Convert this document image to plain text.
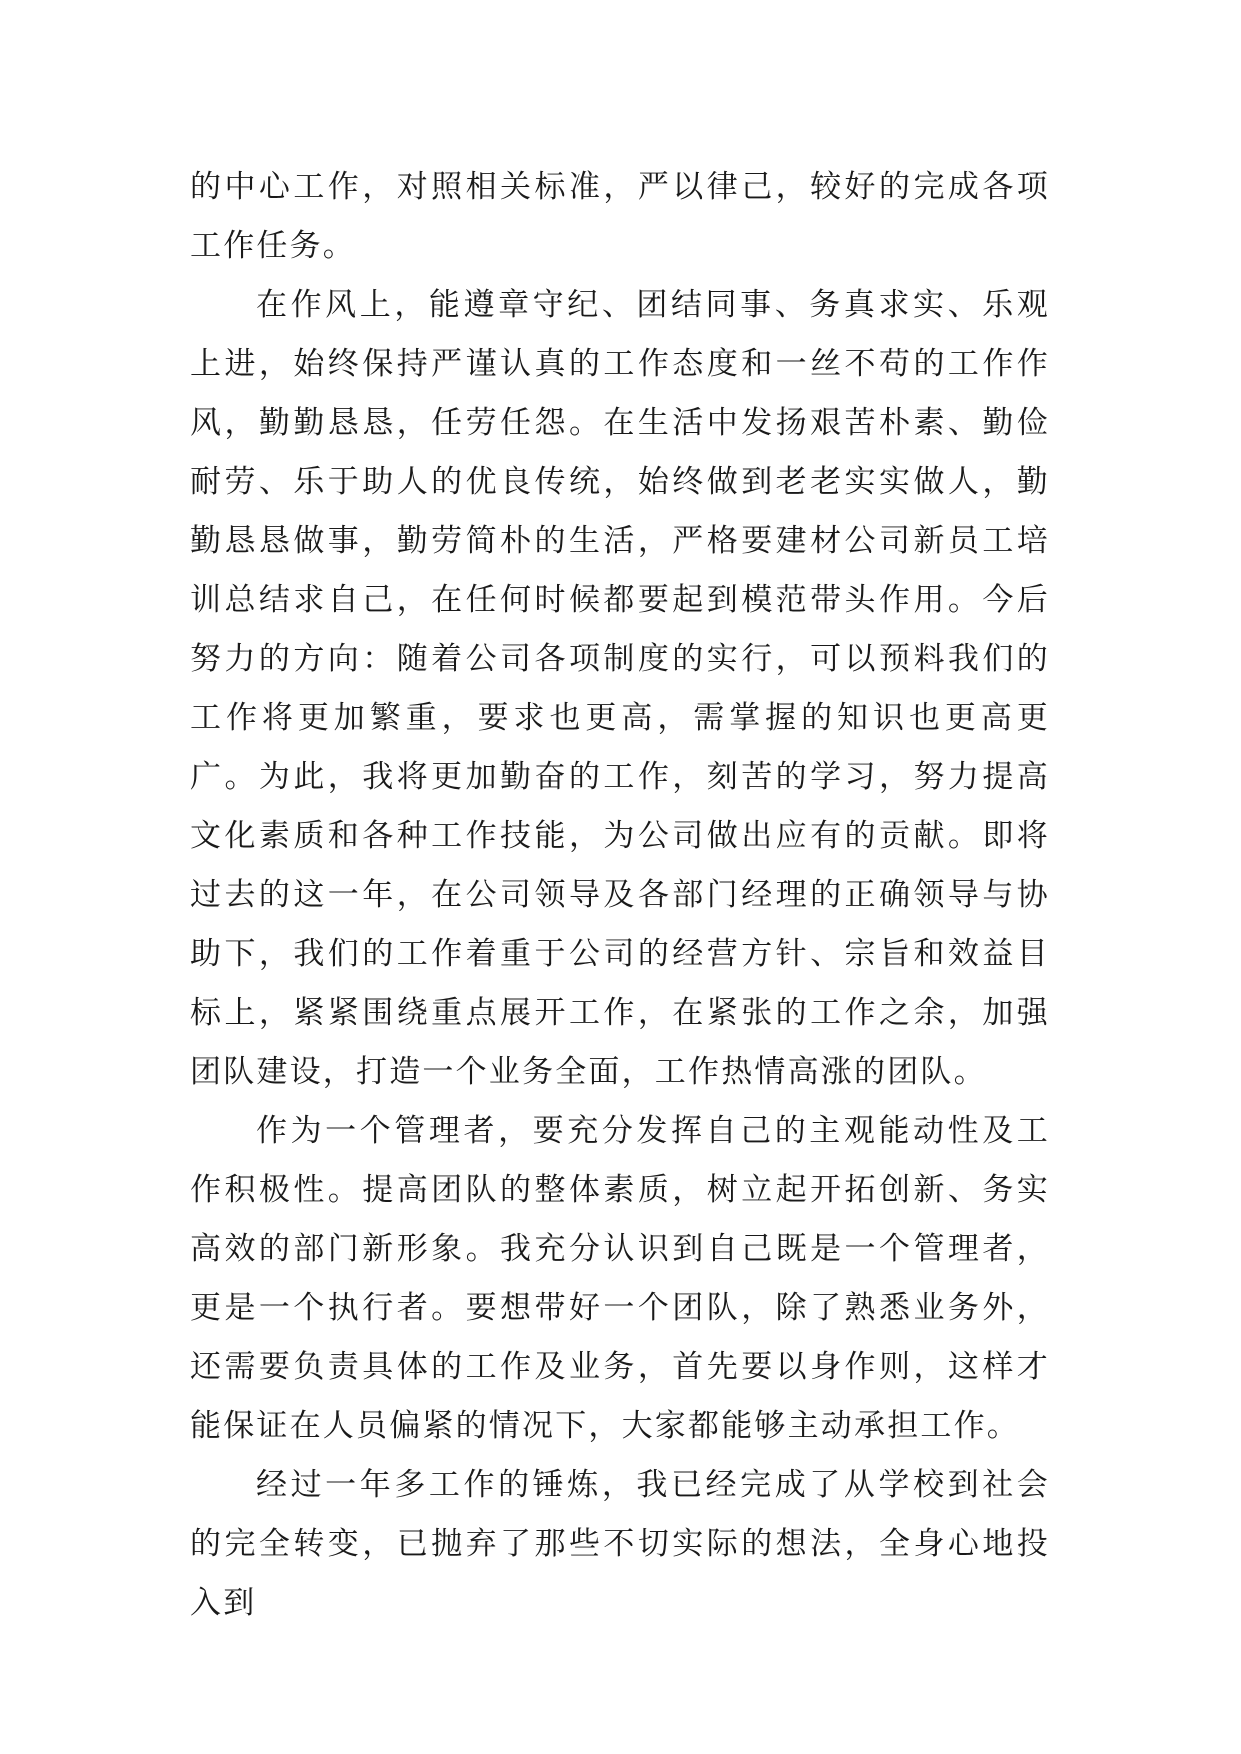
的中心工作，对照相关标准，严以律己，较好的完成各项工作任务。

在作风上，能遵章守纪、团结同事、务真求实、乐观上进，始终保持严谨认真的工作态度和一丝不苟的工作作风，勤勤恳恳，任劳任怨。在生活中发扬艰苦朴素、勤俭耐劳、乐于助人的优良传统，始终做到老老实实做人，勤勤恳恳做事，勤劳简朴的生活，严格要建材公司新员工培训总结求自己，在任何时候都要起到模范带头作用。今后努力的方向：随着公司各项制度的实行，可以预料我们的工作将更加繁重，要求也更高，需掌握的知识也更高更广。为此，我将更加勤奋的工作，刻苦的学习，努力提高文化素质和各种工作技能，为公司做出应有的贡献。即将过去的这一年，在公司领导及各部门经理的正确领导与协助下，我们的工作着重于公司的经营方针、宗旨和效益目标上，紧紧围绕重点展开工作，在紧张的工作之余，加强团队建设，打造一个业务全面，工作热情高涨的团队。

作为一个管理者，要充分发挥自己的主观能动性及工作积极性。提高团队的整体素质，树立起开拓创新、务实高效的部门新形象。我充分认识到自己既是一个管理者，更是一个执行者。要想带好一个团队，除了熟悉业务外，还需要负责具体的工作及业务，首先要以身作则，这样才能保证在人员偏紧的情况下，大家都能够主动承担工作。

经过一年多工作的锤炼，我已经完成了从学校到社会的完全转变，已抛弃了那些不切实际的想法，全身心地投入到
